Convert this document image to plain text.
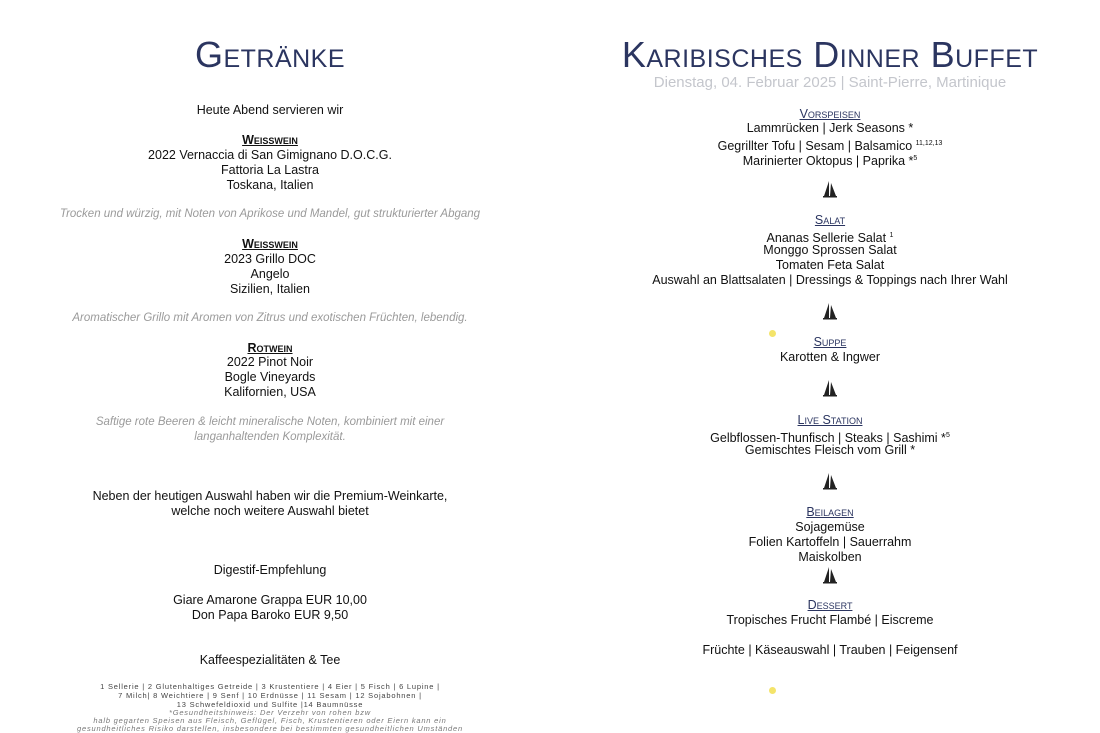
Getränke
Heute Abend servieren wir
Weißwein
2022 Vernaccia di San Gimignano D.O.C.G.
Fattoria La Lastra
Toskana, Italien
Trocken und würzig, mit Noten von Aprikose und Mandel, gut strukturierter Abgang
Weißwein
2023 Grillo DOC
Angelo
Sizilien, Italien
Aromatischer Grillo mit Aromen von Zitrus und exotischen Früchten, lebendig.
Rotwein
2022 Pinot Noir
Bogle Vineyards
Kalifornien, USA
Saftige rote Beeren & leicht mineralische Noten, kombiniert mit einer
langanhaltenden Komplexität.
Neben der heutigen Auswahl haben wir die Premium-Weinkarte,
welche noch weitere Auswahl bietet
Digestif-Empfehlung
Giare Amarone Grappa EUR 10,00
Don Papa Baroko EUR 9,50
Kaffeespezialitäten & Tee
1 Sellerie | 2 Glutenhaltiges Getreide | 3 Krustentiere | 4 Eier | 5 Fisch | 6 Lupine |
7 Milch| 8 Weichtiere | 9 Senf | 10 Erdnüsse | 11 Sesam | 12 Sojabohnen |
13 Schwefeldioxid und Sulfite |14 Baumnüsse
*Gesundheitshinweis: Der Verzehr von rohen bzw
halb gegarten Speisen aus Fleisch, Geflügel, Fisch, Krustentieren oder Eiern kann ein
gesundheitliches Risiko darstellen, insbesondere bei bestimmten gesundheitlichen Umständen
Karibisches Dinner Buffet
Dienstag, 04. Februar 2025 | Saint-Pierre, Martinique
Vorspeisen
Lammrücken | Jerk Seasons *
Gegrillter Tofu | Sesam | Balsamico $^{11,12,13}$
Marinierter Oktopus | Paprika *$^5$
Salat
Ananas Sellerie Salat $^1$
Monggo Sprossen Salat
Tomaten Feta Salat
Auswahl an Blattsalaten | Dressings & Toppings nach Ihrer Wahl
Suppe
Karotten & Ingwer
Live Station
Gelbflossen-Thunfisch | Steaks | Sashimi *$^5$
Gemischtes Fleisch vom Grill *
Beilagen
Sojagemüse
Folien Kartoffeln | Sauerrahm
Maiskolben
Dessert
Tropisches Frucht Flambé | Eiscreme
Früchte | Käseauswahl | Trauben | Feigensenf
